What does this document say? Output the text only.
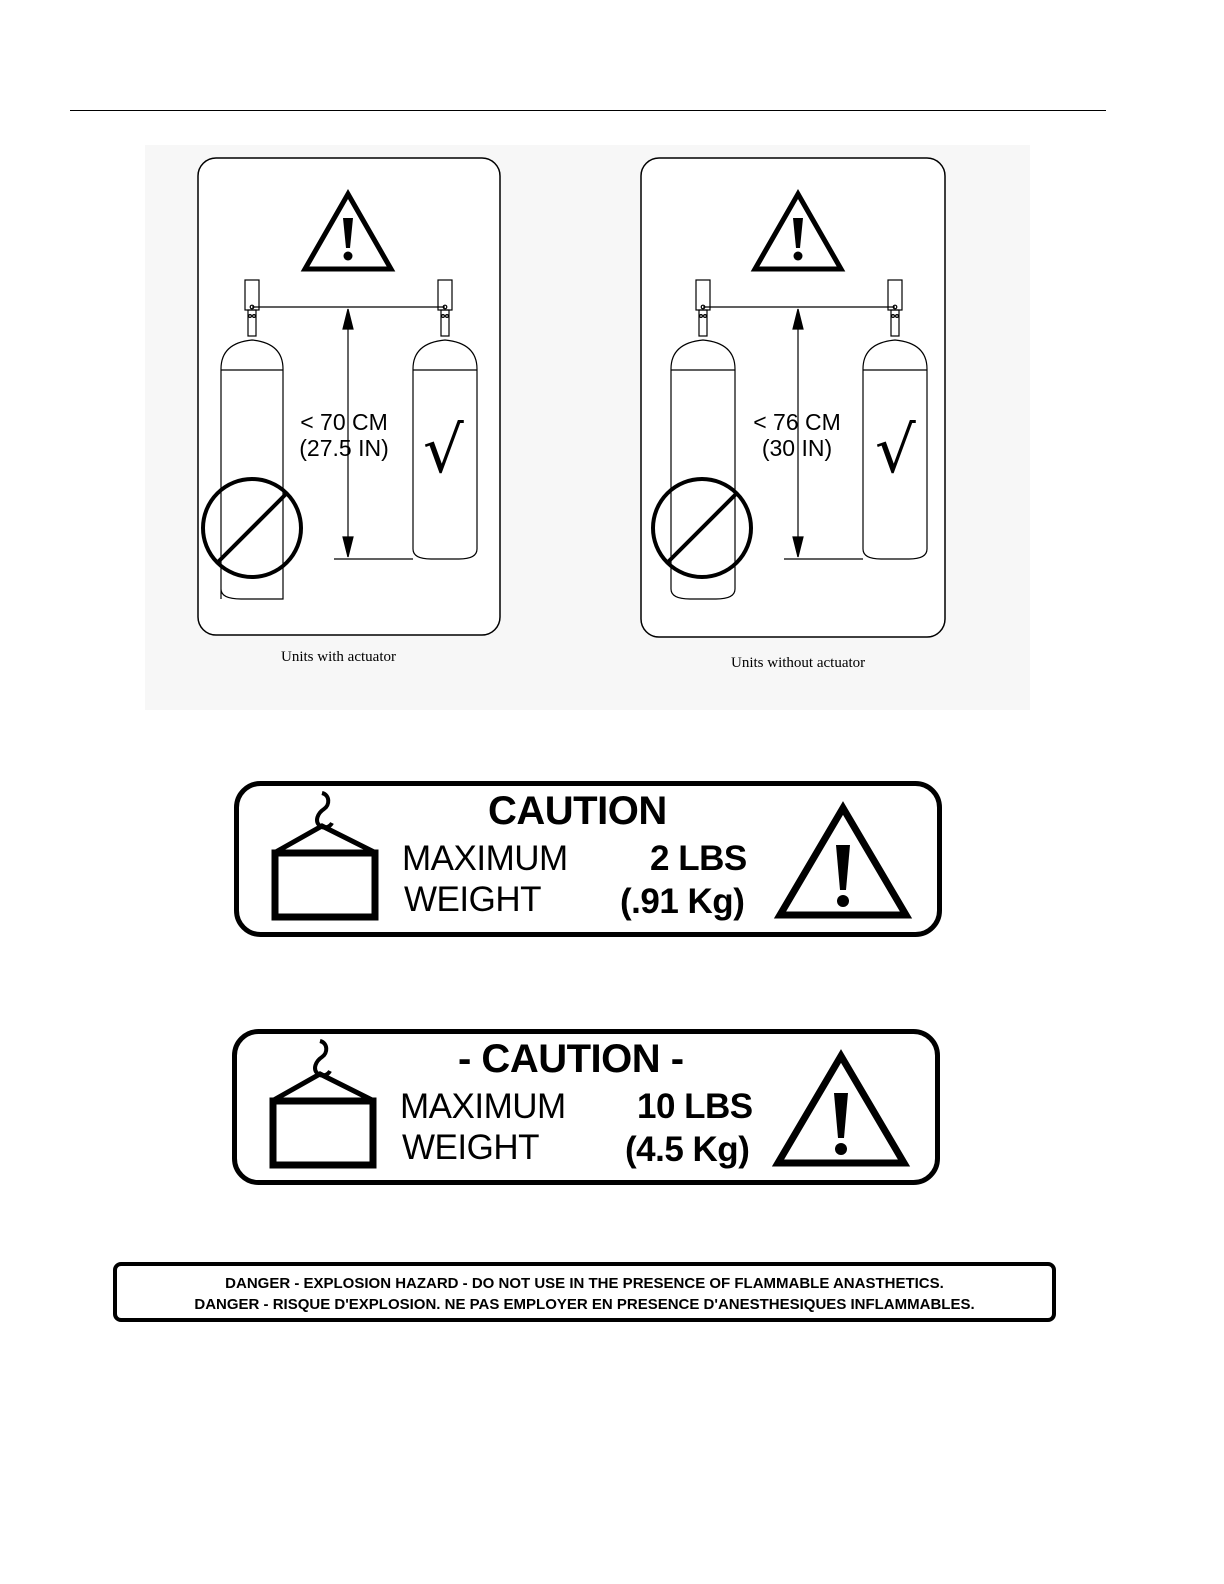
< 70 CM
(27.5 IN) √
Units with actuator
< 76 CM
(30 IN) √
Units without actuator
CAUTION
MAXIMUM
WEIGHT
2 LBS
(.91 Kg)
- CAUTION -
MAXIMUM
WEIGHT
10 LBS
(4.5 Kg)
DANGER - EXPLOSION HAZARD - DO NOT USE IN THE PRESENCE OF FLAMMABLE ANASTHETICS.
DANGER - RISQUE D'EXPLOSION. NE PAS EMPLOYER EN PRESENCE D'ANESTHESIQUES INFLAMMABLES.
